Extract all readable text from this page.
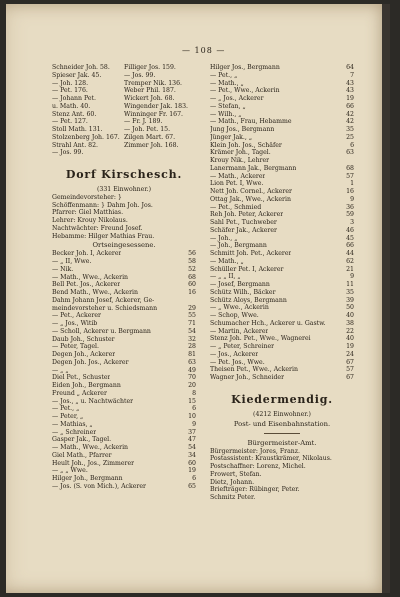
— 108 —
Schneider Joh. 58.
Spieser Jak. 45.
— Joh. 128.
— Pet. 176.
— Johann Pet.
u. Math. 40.
Stenz Ant. 60.
— Pet. 127.
Stoll Math. 131.
Stolzenberg Joh. 167.
Strahl Ant. 82.
— Jos. 99.
Filliger Jos. 159.
— Jos. 99.
Tremper Nik. 136.
Weber Phil. 187.
Wickert Joh. 68.
Wingender Jak. 183.
Winninger Fr. 167.
— Fr. J. 189.
— Joh. Pet. 15.
Zilgen Mart. 67.
Zimmer Joh. 168.
Dorf Kirschesch.
(331 Einwohner.)
Gemeindevorsteher: }
Schöffenmann: } Dahm Joh. Jos.
Pfarrer: Giel Matthias.
Lehrer: Krouy Nikolaus.
Nachtwächter: Freund Josef.
Hebamme: Hilger Mathias Frau.
Ortseingesessene.
Becker Joh. I, Ackerer	56
— „ II, Wwe.	58
— Nik.	52
— Math., Wwe., Ackerin	68
Bell Pet. Jos., Ackerer	60
Bend Math., Wwe., Ackerin	16
Dahm Johann Josef, Ackerer, Ge-
meindevorsteher u. Schiedsmann	29
— Pet., Ackerer	55
— „ Jos., Witib	71
— Scholl, Ackerer u. Bergmann	54
Daub Joh., Schuster	32
— Peter, Tagel.	28
Degen Joh., Ackerer	81
Degen Joh. Jos., Ackerer	63
— „ „	49
Diel Pet., Schuster	70
Eiden Joh., Bergmann	20
Freund „ Ackerer	8
— Jos., „ u. Nachtwächter	15
— Pet., „	6
— Peter, „	10
— Mathias, „	9
— „ Schreiner	37
Gasper Jak., Tagel.	47
— Math., Wwe., Ackerin	54
Giel Math., Pfarrer	34
Heult Joh., Jos., Zimmerer	60
— „ „ Wwe.	19
Hilger Joh., Bergmann	6
— Jos. (S. von Mich.), Ackerer	65
Hilger Jos., Bergmann	64
— Pet., „	7
— Math., „	43
— Pet., Wwe., Ackerin	43
— „ Jos., Ackerer	19
— Stefan, „	66
— Wilh., „	42
— Math., Frau, Hebamme	42
Jung Jos., Bergmann	35
Jünger Jak., „	25
Klein Joh. Jos., Schäfer	6
Krämer Joh., Tagel.	63
Krouy Nik., Lehrer
Lanermann Jak., Bergmann	68
— Math., Ackerer	57
Lion Pet. I, Wwe.	1
Nett Joh. Cornel., Ackerer	16
Ottag Jak., Wwe., Ackerin	9
— Pet., Schmied	36
Reh Joh. Peter, Ackerer	59
Sahl Pet., Tuchweber	3
Schäfer Jak., Ackerer	46
— Joh., „	45
— Joh., Bergmann	66
Schmitt Joh. Pet., Ackerer	44
— Math., „	62
Schüller Pet. I, Ackerer	21
— „ „ II, „	9
— Josef, Bergmann	11
Schütz Wilh., Bäcker	35
Schütz Aloys, Bergmann	39
— „ Wwe., Ackerin	50
— Schop, Wwe.	40
Schumacher Hch., Ackerer u. Gastw.	38
— Martin, Ackerer	22
Stenz Joh. Pet., Wwe., Wagnerei	40
— „ Peter, Schreiner	19
— Jos., Ackerer	24
— Pet. Jos., Wwe.	67
Theisen Pet., Wwe., Ackerin	57
Wagner Joh., Schneider	67
Kiedermendig.
(4212 Einwohner.)
Post- und Eisenbahnstation.
Bürgermeister-Amt.
Bürgermeister: Jores, Franz.
Postassistent: Kraustkrämer, Nikolaus.
Postschaffner: Lorenz, Michel.
Frowert, Stefan.
Dietz, Johann.
Briefträger: Rübinger, Peter.
Schmitz Peter.
